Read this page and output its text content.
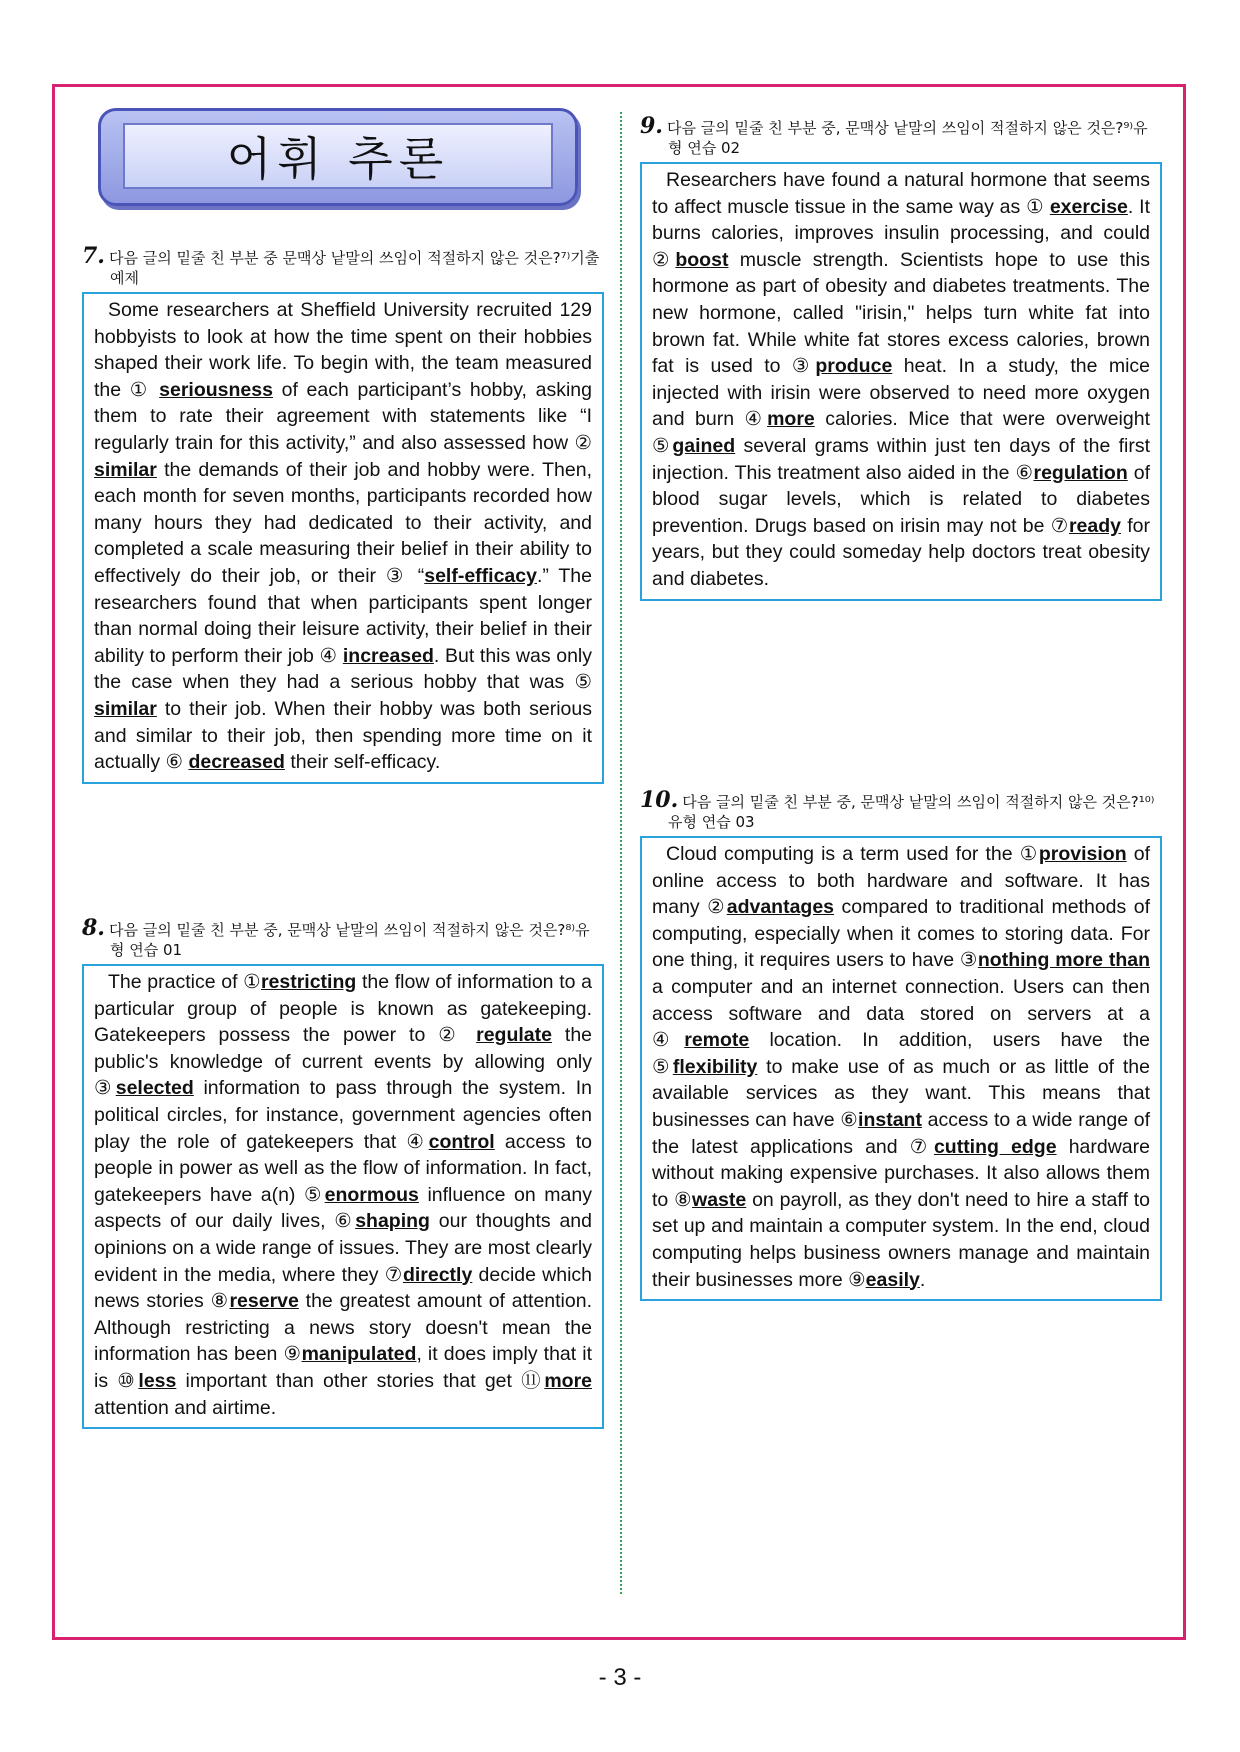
어휘 추론
7. 다음 글의 밑줄 친 부분 중 문맥상 낱말의 쓰임이 적절하지 않은 것은?⁷⁾기출예제

Some researchers at Sheffield University recruited 129 hobbyists to look at how the time spent on their hobbies shaped their work life. To begin with, the team measured the ① seriousness of each participant’s hobby, asking them to rate their agreement with statements like “I regularly train for this activity,” and also assessed how ② similar the demands of their job and hobby were. Then, each month for seven months, participants recorded how many hours they had dedicated to their activity, and completed a scale measuring their belief in their ability to effectively do their job, or their ③ “self-efficacy.” The researchers found that when participants spent longer than normal doing their leisure activity, their belief in their ability to perform their job ④ increased. But this was only the case when they had a serious hobby that was ⑤ similar to their job. When their hobby was both serious and similar to their job, then spending more time on it actually ⑥ decreased their self-efficacy.

8. 다음 글의 밑줄 친 부분 중, 문맥상 낱말의 쓰임이 적절하지 않은 것은?⁸⁾유형 연습 01

The practice of ①restricting the flow of information to a particular group of people is known as gatekeeping. Gatekeepers possess the power to ② regulate the public's knowledge of current events by allowing only ③selected information to pass through the system. In political circles, for instance, government agencies often play the role of gatekeepers that ④control access to people in power as well as the flow of information. In fact, gatekeepers have a(n) ⑤enormous influence on many aspects of our daily lives, ⑥shaping our thoughts and opinions on a wide range of issues. They are most clearly evident in the media, where they ⑦directly decide which news stories ⑧reserve the greatest amount of attention. Although restricting a news story doesn't mean the information has been ⑨manipulated, it does imply that it is ⑩less important than other stories that get ⑪more attention and airtime.

9. 다음 글의 밑줄 친 부분 중, 문맥상 낱말의 쓰임이 적절하지 않은 것은?⁹⁾유형 연습 02

Researchers have found a natural hormone that seems to affect muscle tissue in the same way as ① exercise. It burns calories, improves insulin processing, and could ②boost muscle strength. Scientists hope to use this hormone as part of obesity and diabetes treatments. The new hormone, called "irisin," helps turn white fat into brown fat. While white fat stores excess calories, brown fat is used to ③produce heat. In a study, the mice injected with irisin were observed to need more oxygen and burn ④more calories. Mice that were overweight ⑤gained several grams within just ten days of the first injection. This treatment also aided in the ⑥regulation of blood sugar levels, which is related to diabetes prevention. Drugs based on irisin may not be ⑦ready for years, but they could someday help doctors treat obesity and diabetes.

10. 다음 글의 밑줄 친 부분 중, 문맥상 낱말의 쓰임이 적절하지 않은 것은?¹⁰⁾유형 연습 03

Cloud computing is a term used for the ①provision of online access to both hardware and software. It has many ②advantages compared to traditional methods of computing, especially when it comes to storing data. For one thing, it requires users to have ③nothing more than a computer and an internet connection. Users can then access software and data stored on servers at a ④remote location. In addition, users have the ⑤flexibility to make use of as much or as little of the available services as they want. This means that businesses can have ⑥instant access to a wide range of the latest applications and ⑦cutting edge hardware without making expensive purchases. It also allows them to ⑧waste on payroll, as they don't need to hire a staff to set up and maintain a computer system. In the end, cloud computing helps business owners manage and maintain their businesses more ⑨easily.

- 3 -
